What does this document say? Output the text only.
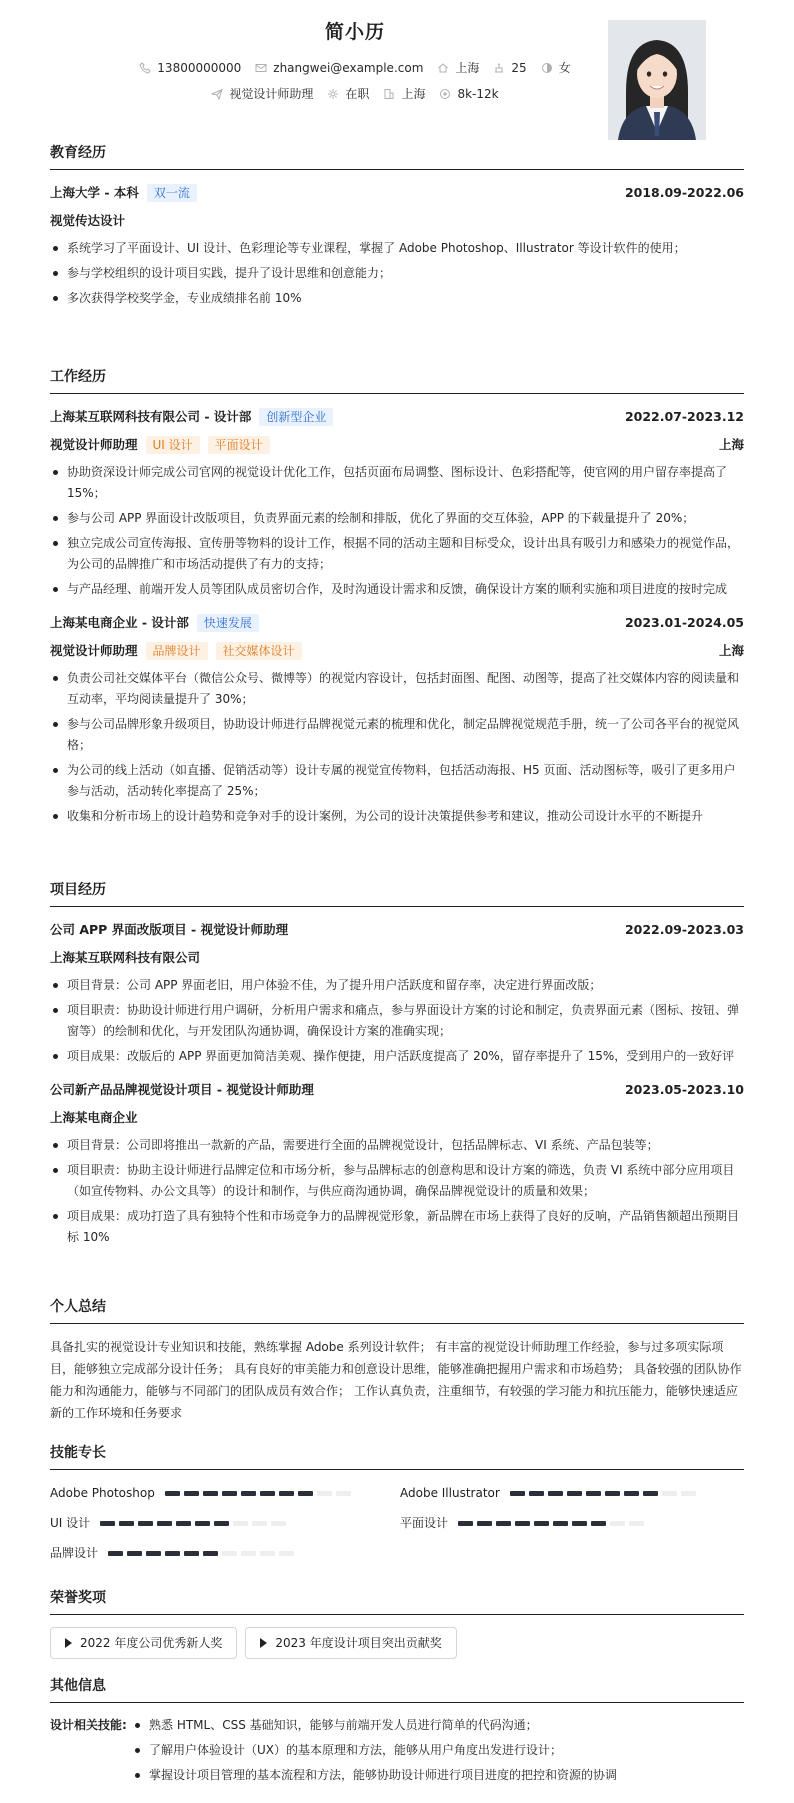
简小历
13800000000	zhangwei@example.com	上海	25	女
视觉设计师助理	在职	上海	8k-12k
教育经历
上海大学 - 本科	双一流	2018.09-2022.06
视觉传达设计
系统学习了平面设计、UI 设计、色彩理论等专业课程，掌握了 Adobe Photoshop、Illustrator 等设计软件的使用；
参与学校组织的设计项目实践，提升了设计思维和创意能力；
多次获得学校奖学金，专业成绩排名前 10%
工作经历
上海某互联网科技有限公司 - 设计部	创新型企业	2022.07-2023.12
视觉设计师助理	UI 设计	平面设计	上海
协助资深设计师完成公司官网的视觉设计优化工作，包括页面布局调整、图标设计、色彩搭配等，使官网的用户留存率提高了 15%；
参与公司 APP 界面设计改版项目，负责界面元素的绘制和排版，优化了界面的交互体验，APP 的下载量提升了 20%；
独立完成公司宣传海报、宣传册等物料的设计工作，根据不同的活动主题和目标受众，设计出具有吸引力和感染力的视觉作品，为公司的品牌推广和市场活动提供了有力的支持；
与产品经理、前端开发人员等团队成员密切合作，及时沟通设计需求和反馈，确保设计方案的顺利实施和项目进度的按时完成
上海某电商企业 - 设计部	快速发展	2023.01-2024.05
视觉设计师助理	品牌设计	社交媒体设计	上海
负责公司社交媒体平台（微信公众号、微博等）的视觉内容设计，包括封面图、配图、动图等，提高了社交媒体内容的阅读量和互动率，平均阅读量提升了 30%；
参与公司品牌形象升级项目，协助设计师进行品牌视觉元素的梳理和优化，制定品牌视觉规范手册，统一了公司各平台的视觉风格；
为公司的线上活动（如直播、促销活动等）设计专属的视觉宣传物料，包括活动海报、H5 页面、活动图标等，吸引了更多用户参与活动，活动转化率提高了 25%；
收集和分析市场上的设计趋势和竞争对手的设计案例，为公司的设计决策提供参考和建议，推动公司设计水平的不断提升
项目经历
公司 APP 界面改版项目 - 视觉设计师助理	2022.09-2023.03
上海某互联网科技有限公司
项目背景：公司 APP 界面老旧，用户体验不佳，为了提升用户活跃度和留存率，决定进行界面改版；
项目职责：协助设计师进行用户调研，分析用户需求和痛点，参与界面设计方案的讨论和制定，负责界面元素（图标、按钮、弹窗等）的绘制和优化，与开发团队沟通协调，确保设计方案的准确实现；
项目成果：改版后的 APP 界面更加简洁美观、操作便捷，用户活跃度提高了 20%，留存率提升了 15%，受到用户的一致好评
公司新产品品牌视觉设计项目 - 视觉设计师助理	2023.05-2023.10
上海某电商企业
项目背景：公司即将推出一款新的产品，需要进行全面的品牌视觉设计，包括品牌标志、VI 系统、产品包装等；
项目职责：协助主设计师进行品牌定位和市场分析，参与品牌标志的创意构思和设计方案的筛选，负责 VI 系统中部分应用项目（如宣传物料、办公文具等）的设计和制作，与供应商沟通协调，确保品牌视觉设计的质量和效果；
项目成果：成功打造了具有独特个性和市场竞争力的品牌视觉形象，新品牌在市场上获得了良好的反响，产品销售额超出预期目标 10%
个人总结
具备扎实的视觉设计专业知识和技能，熟练掌握 Adobe 系列设计软件； 有丰富的视觉设计师助理工作经验，参与过多项实际项目，能够独立完成部分设计任务； 具有良好的审美能力和创意设计思维，能够准确把握用户需求和市场趋势； 具备较强的团队协作能力和沟通能力，能够与不同部门的团队成员有效合作； 工作认真负责，注重细节，有较强的学习能力和抗压能力，能够快速适应新的工作环境和任务要求
技能专长
Adobe Photoshop	Adobe Illustrator
UI 设计	平面设计
品牌设计
荣誉奖项
2022 年度公司优秀新人奖	2023 年度设计项目突出贡献奖
其他信息
设计相关技能:	熟悉 HTML、CSS 基础知识，能够与前端开发人员进行简单的代码沟通；
了解用户体验设计（UX）的基本原理和方法，能够从用户角度出发进行设计；
掌握设计项目管理的基本流程和方法，能够协助设计师进行项目进度的把控和资源的协调
